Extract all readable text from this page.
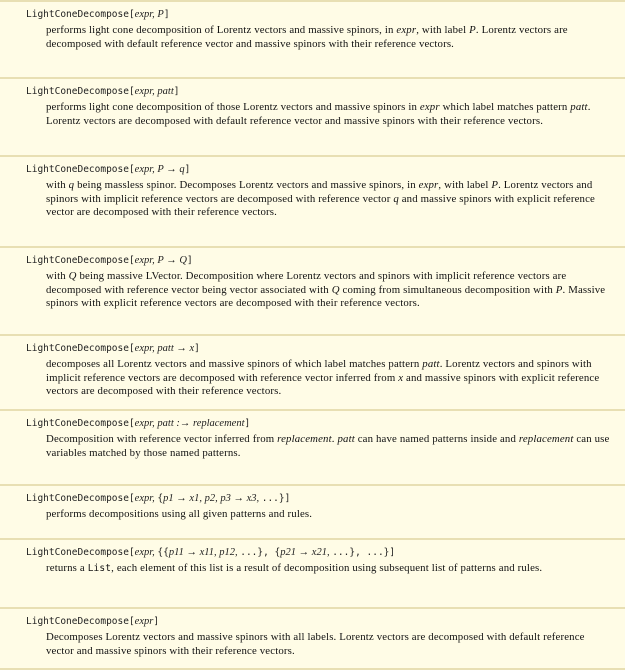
LightConeDecompose[expr, P]
performs light cone decomposition of Lorentz vectors and massive spinors, in expr, with label P. Lorentz vectors are decomposed with default reference vector and massive spinors with their reference vectors.
LightConeDecompose[expr, patt]
performs light cone decomposition of those Lorentz vectors and massive spinors in expr which label matches pattern patt. Lorentz vectors are decomposed with default reference vector and massive spinors with their reference vectors.
LightConeDecompose[expr, P → q]
with q being massless spinor. Decomposes Lorentz vectors and massive spinors, in expr, with label P. Lorentz vectors and spinors with implicit reference vectors are decomposed with reference vector q and massive spinors with explicit reference vector are decomposed with their reference vectors.
LightConeDecompose[expr, P → Q]
with Q being massive LVector. Decomposition where Lorentz vectors and spinors with implicit reference vectors are decomposed with reference vector being vector associated with Q coming from simultaneous decomposition with P. Massive spinors with explicit reference vectors are decomposed with their reference vectors.
LightConeDecompose[expr, patt → x]
decomposes all Lorentz vectors and massive spinors of which label matches pattern patt. Lorentz vectors and spinors with implicit reference vectors are decomposed with reference vector inferred from x and massive spinors with explicit reference vectors are decomposed with their reference vectors.
LightConeDecompose[expr, patt :→ replacement]
Decomposition with reference vector inferred from replacement. patt can have named patterns inside and replacement can use variables matched by those named patterns.
LightConeDecompose[expr, {p1 → x1, p2, p3 → x3, ...}]
performs decompositions using all given patterns and rules.
LightConeDecompose[expr, {{p11 → x11, p12, ...}, {p21 → x21, ...}, ...}]
returns a List, each element of this list is a result of decomposition using subsequent list of patterns and rules.
LightConeDecompose[expr]
Decomposes Lorentz vectors and massive spinors with all labels. Lorentz vectors are decomposed with default reference vector and massive spinors with their reference vectors.
